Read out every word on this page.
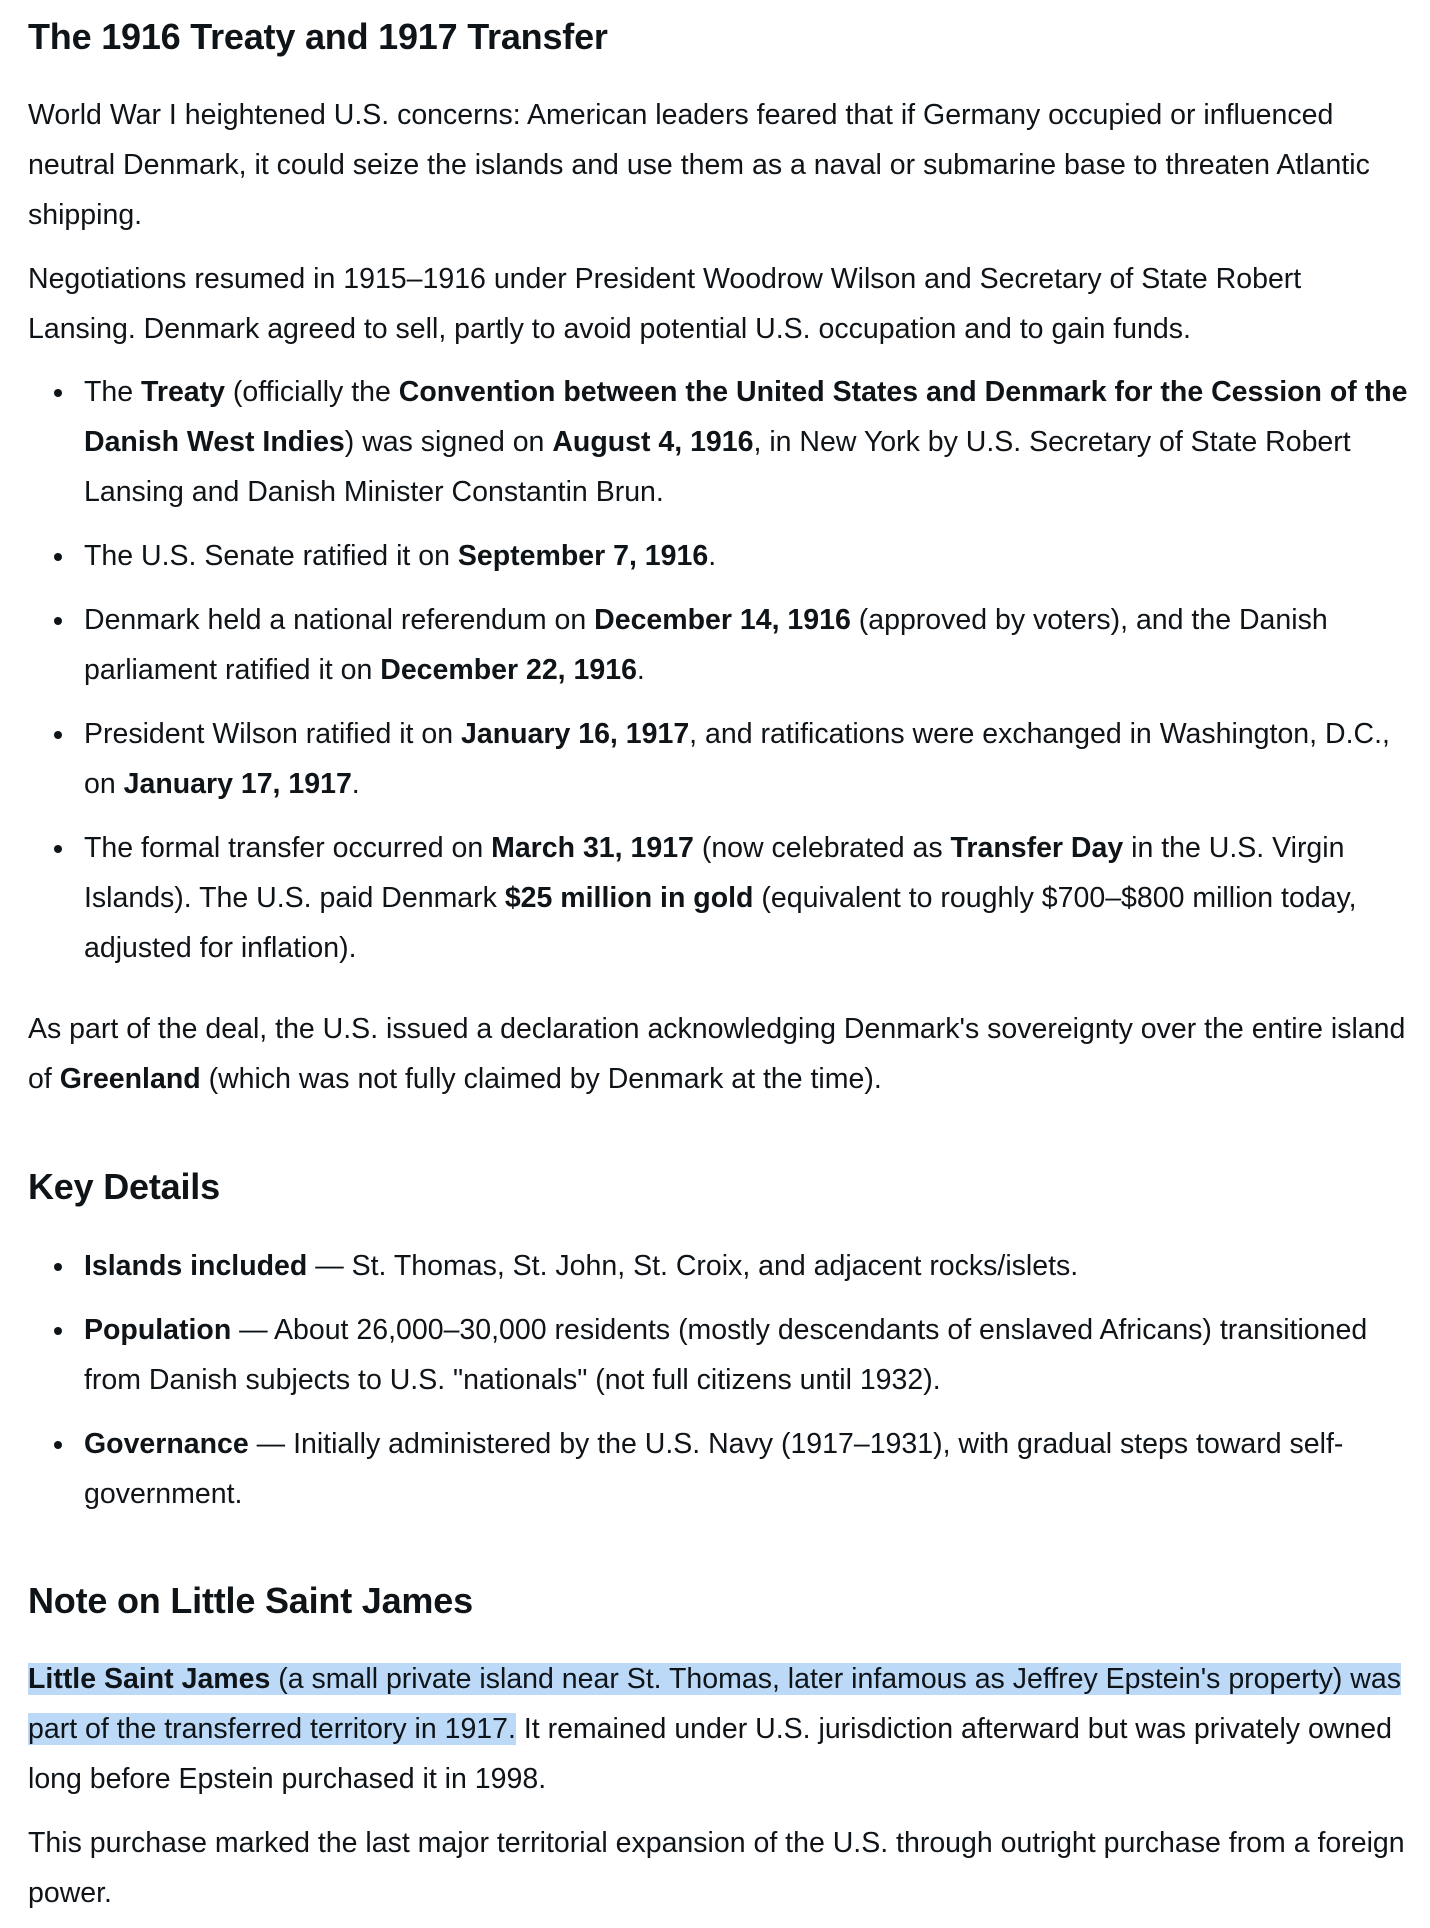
The 1916 Treaty and 1917 Transfer

World War I heightened U.S. concerns: American leaders feared that if Germany occupied or influenced neutral Denmark, it could seize the islands and use them as a naval or submarine base to threaten Atlantic shipping.

Negotiations resumed in 1915–1916 under President Woodrow Wilson and Secretary of State Robert Lansing. Denmark agreed to sell, partly to avoid potential U.S. occupation and to gain funds.

The Treaty (officially the Convention between the United States and Denmark for the Cession of the Danish West Indies) was signed on August 4, 1916, in New York by U.S. Secretary of State Robert Lansing and Danish Minister Constantin Brun.
The U.S. Senate ratified it on September 7, 1916.
Denmark held a national referendum on December 14, 1916 (approved by voters), and the Danish parliament ratified it on December 22, 1916.
President Wilson ratified it on January 16, 1917, and ratifications were exchanged in Washington, D.C., on January 17, 1917.
The formal transfer occurred on March 31, 1917 (now celebrated as Transfer Day in the U.S. Virgin Islands). The U.S. paid Denmark $25 million in gold (equivalent to roughly $700–$800 million today, adjusted for inflation).

As part of the deal, the U.S. issued a declaration acknowledging Denmark's sovereignty over the entire island of Greenland (which was not fully claimed by Denmark at the time).

Key Details
Islands included — St. Thomas, St. John, St. Croix, and adjacent rocks/islets.
Population — About 26,000–30,000 residents (mostly descendants of enslaved Africans) transitioned from Danish subjects to U.S. "nationals" (not full citizens until 1932).
Governance — Initially administered by the U.S. Navy (1917–1931), with gradual steps toward self-government.
Note on Little Saint James

Little Saint James (a small private island near St. Thomas, later infamous as Jeffrey Epstein's property) was part of the transferred territory in 1917. It remained under U.S. jurisdiction afterward but was privately owned long before Epstein purchased it in 1998.

This purchase marked the last major territorial expansion of the U.S. through outright purchase from a foreign power.
